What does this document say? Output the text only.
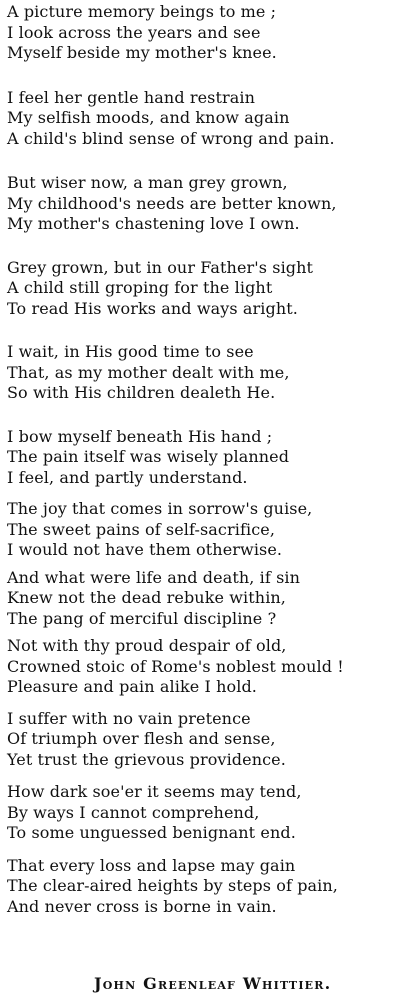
A picture memory beings to me ;
I look across the years and see
Myself beside my mother's knee.
I feel her gentle hand restrain
My selfish moods, and know again
A child's blind sense of wrong and pain.
But wiser now, a man grey grown,
My childhood's needs are better known,
My mother's chastening love I own.
Grey grown, but in our Father's sight
A child still groping for the light
To read His works and ways aright.
I wait, in His good time to see
That, as my mother dealt with me,
So with His children dealeth He.
I bow myself beneath His hand ;
The pain itself was wisely planned
I feel, and partly understand.
The joy that comes in sorrow's guise,
The sweet pains of self-sacrifice,
I would not have them otherwise.
And what were life and death, if sin
Knew not the dead rebuke within,
The pang of merciful discipline ?
Not with thy proud despair of old,
Crowned stoic of Rome's noblest mould !
Pleasure and pain alike I hold.
I suffer with no vain pretence
Of triumph over flesh and sense,
Yet trust the grievous providence.
How dark soe'er it seems may tend,
By ways I cannot comprehend,
To some unguessed benignant end.
That every loss and lapse may gain
The clear-aired heights by steps of pain,
And never cross is borne in vain.
John Greenleaf Whittier.
